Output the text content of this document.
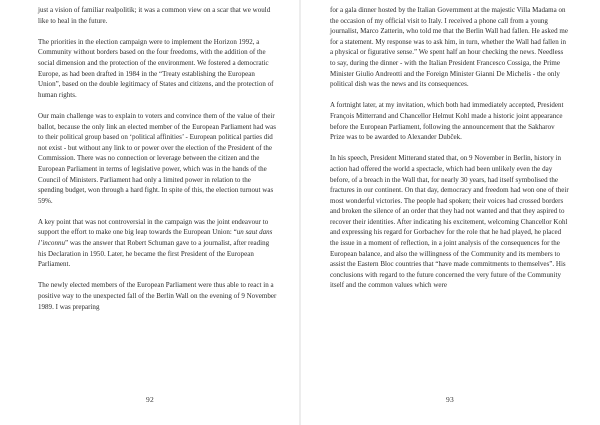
just a vision of familiar realpolitik; it was a common view on a scar that we would like to heal in the future.

The priorities in the election campaign were to implement the Horizon 1992, a Community without borders based on the four freedoms, with the addition of the social dimension and the protection of the environment. We fostered a democratic Europe, as had been drafted in 1984 in the “Treaty establishing the European Union”, based on the double legitimacy of States and citizens, and the protection of human rights.

Our main challenge was to explain to voters and convince them of the value of their ballot, because the only link an elected member of the European Parliament had was to their political group based on ‘political affinities’ - European political parties did not exist - but without any link to or power over the election of the President of the Commission. There was no connection or leverage between the citizen and the European Parliament in terms of legislative power, which was in the hands of the Council of Ministers. Parliament had only a limited power in relation to the spending budget, won through a hard fight. In spite of this, the election turnout was 59%.

A key point that was not controversial in the campaign was the joint endeavour to support the effort to make one big leap towards the European Union: “un saut dans l’inconnu” was the answer that Robert Schuman gave to a journalist, after reading his Declaration in 1950. Later, he became the first President of the European Parliament.

The newly elected members of the European Parliament were thus able to react in a positive way to the unexpected fall of the Berlin Wall on the evening of 9 November 1989. I was preparing

92

for a gala dinner hosted by the Italian Government at the majestic Villa Madama on the occasion of my official visit to Italy. I received a phone call from a young journalist, Marco Zatterin, who told me that the Berlin Wall had fallen. He asked me for a statement. My response was to ask him, in turn, whether the Wall had fallen in a physical or figurative sense.” We spent half an hour checking the news. Needless to say, during the dinner - with the Italian President Francesco Cossiga, the Prime Minister Giulio Andreotti and the Foreign Minister Gianni De Michelis - the only political dish was the news and its consequences.

A fortnight later, at my invitation, which both had immediately accepted, President François Mitterrand and Chancellor Helmut Kohl made a historic joint appearance before the European Parliament, following the announcement that the Sakharov Prize was to be awarded to Alexander Dubček.

In his speech, President Mitterand stated that, on 9 November in Berlin, history in action had offered the world a spectacle, which had been unlikely even the day before, of a breach in the Wall that, for nearly 30 years, had itself symbolised the fractures in our continent. On that day, democracy and freedom had won one of their most wonderful victories. The people had spoken; their voices had crossed borders and broken the silence of an order that they had not wanted and that they aspired to recover their identities. After indicating his excitement, welcoming Chancellor Kohl and expressing his regard for Gorbachev for the role that he had played, he placed the issue in a moment of reflection, in a joint analysis of the consequences for the European balance, and also the willingness of the Community and its members to assist the Eastern Bloc countries that “have made commitments to themselves”. His conclusions with regard to the future concerned the very future of the Community itself and the common values which were

93
